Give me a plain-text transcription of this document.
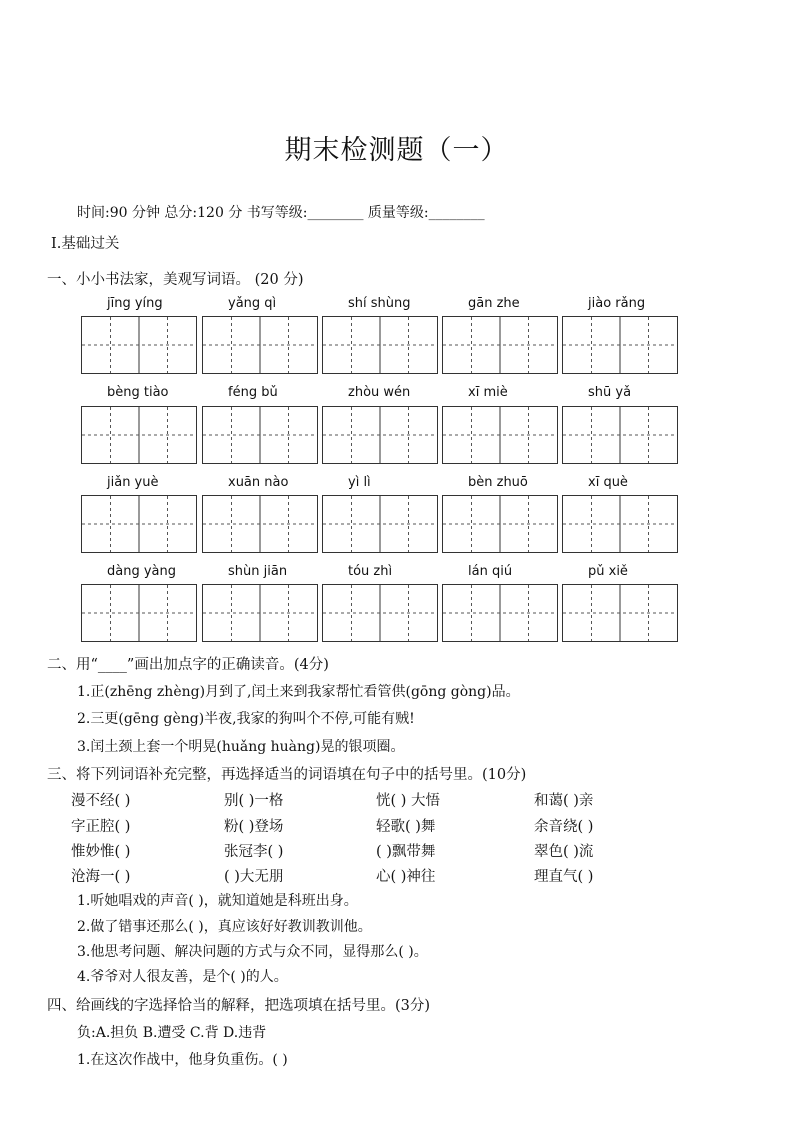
期末检测题（一）
时间:90 分钟 总分:120 分 书写等级:________ 质量等级:________
Ⅰ.基础过关
一、小小书法家，美观写词语。 (20 分)
jīng yíng	yǎng qì	shí shùng	gān zhe	jiào rǎng
bèng tiào	féng bǔ	zhòu wén	xī miè	shū yǎ
jiǎn yuè	xuān nào	yì lì	bèn zhuō	xī què
dàng yàng	shùn jiān	tóu zhì	lán qiú	pǔ xiě
二、用“____”画出加点字的正确读音。(4分)
1.正(zhēng zhèng)月到了,闰土来到我家帮忙看管供(gōng gòng)品。
2.三更(gēng gèng)半夜,我家的狗叫个不停,可能有贼!
3.闰土颈上套一个明晃(huǎng huàng)晃的银项圈。
三、将下列词语补充完整，再选择适当的词语填在句子中的括号里。(10分)
漫不经( )	别( )一格	恍( ) 大悟	和蔼( )亲
字正腔( )	粉( )登场	轻歌( )舞	余音绕( )
惟妙惟( )	张冠李( )	( )飘带舞	翠色( )流
沧海一( )	( )大无朋	心( )神往	理直气( )
1.听她唱戏的声音( )，就知道她是科班出身。
2.做了错事还那么( )，真应该好好教训教训他。
3.他思考问题、解决问题的方式与众不同，显得那么( )。
4.爷爷对人很友善，是个( )的人。
四、给画线的字选择恰当的解释，把选项填在括号里。(3分)
负:A.担负 B.遭受 C.背 D.违背
1.在这次作战中，他身负重伤。( )
